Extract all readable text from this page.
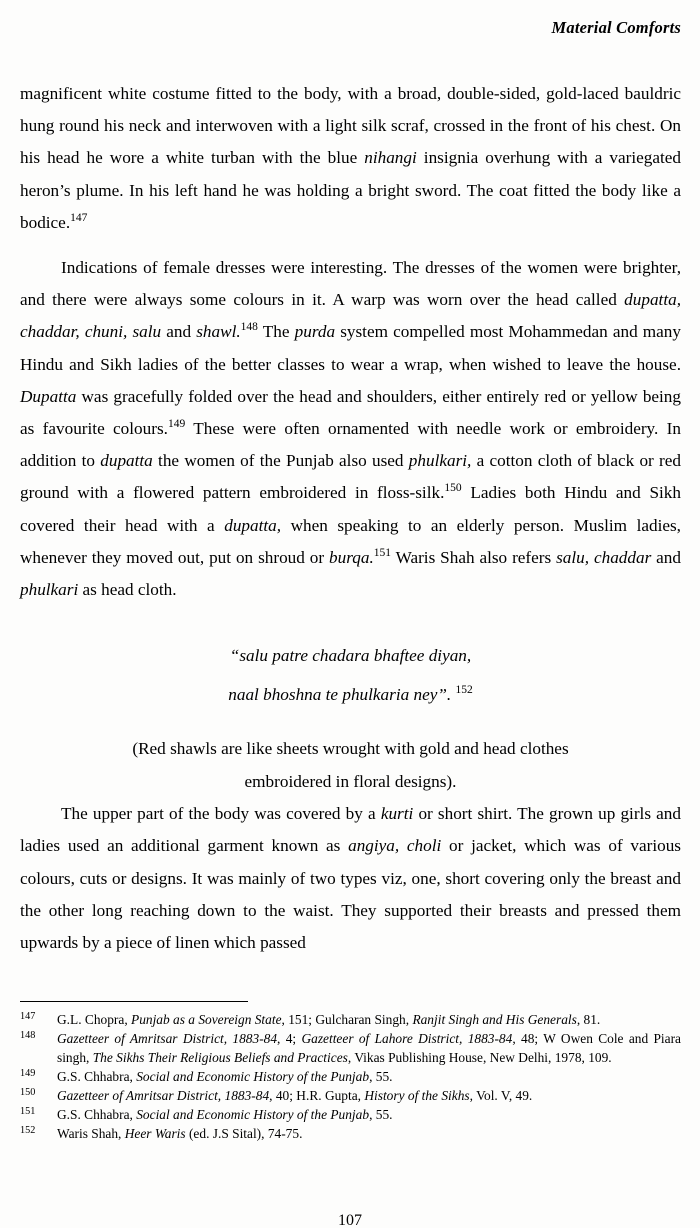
Material Comforts

magnificent white costume fitted to the body, with a broad, double-sided, gold-laced bauldric hung round his neck and interwoven with a light silk scraf, crossed in the front of his chest. On his head he wore a white turban with the blue nihangi insignia overhung with a variegated heron’s plume. In his left hand he was holding a bright sword. The coat fitted the body like a bodice.$^{147}$

Indications of female dresses were interesting. The dresses of the women were brighter, and there were always some colours in it. A warp was worn over the head called dupatta, chaddar, chuni, salu and shawl.$^{148}$ The purda system compelled most Mohammedan and many Hindu and Sikh ladies of the better classes to wear a wrap, when wished to leave the house. Dupatta was gracefully folded over the head and shoulders, either entirely red or yellow being as favourite colours.$^{149}$ These were often ornamented with needle work or embroidery. In addition to dupatta the women of the Punjab also used phulkari, a cotton cloth of black or red ground with a flowered pattern embroidered in floss-silk.$^{150}$ Ladies both Hindu and Sikh covered their head with a dupatta, when speaking to an elderly person. Muslim ladies, whenever they moved out, put on shroud or burqa.$^{151}$ Waris Shah also refers salu, chaddar and phulkari as head cloth.

“salu patre chadara bhaftee diyan,
naal bhoshna te phulkaria ney”. $^{152}$
(Red shawls are like sheets wrought with gold and head clothes
embroidered in floral designs).

The upper part of the body was covered by a kurti or short shirt. The grown up girls and ladies used an additional garment known as angiya, choli or jacket, which was of various colours, cuts or designs. It was mainly of two types viz, one, short covering only the breast and the other long reaching down to the waist. They supported their breasts and pressed them upwards by a piece of linen which passed

147	G.L. Chopra, Punjab as a Sovereign State, 151; Gulcharan Singh, Ranjit Singh and His Generals, 81.
148	Gazetteer of Amritsar District, 1883-84, 4; Gazetteer of Lahore District, 1883-84, 48; W Owen Cole and Piara singh, The Sikhs Their Religious Beliefs and Practices, Vikas Publishing House, New Delhi, 1978, 109.
149	G.S. Chhabra, Social and Economic History of the Punjab, 55.
150	Gazetteer of Amritsar District, 1883-84, 40; H.R. Gupta, History of the Sikhs, Vol. V, 49.
151	G.S. Chhabra, Social and Economic History of the Punjab, 55.
152	Waris Shah, Heer Waris (ed. J.S Sital), 74-75.
107
